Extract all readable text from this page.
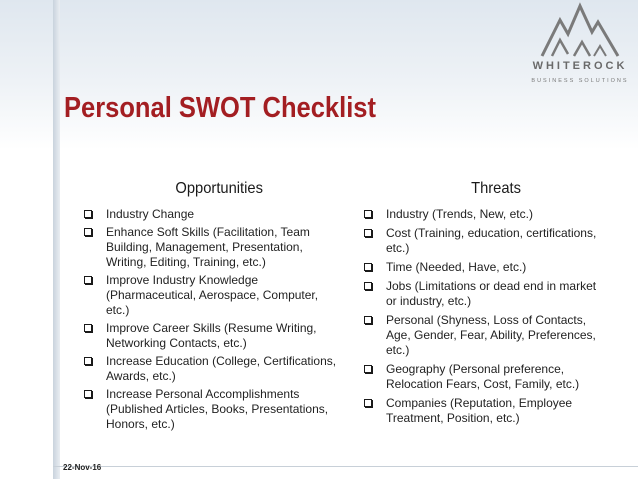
WHITEROCK
BUSINESS SOLUTIONS
Personal SWOT Checklist
Opportunities
Industry Change
Enhance Soft Skills (Facilitation, Team Building, Management, Presentation, Writing, Editing, Training, etc.)
Improve Industry Knowledge (Pharmaceutical, Aerospace, Computer, etc.)
Improve Career Skills (Resume Writing, Networking Contacts, etc.)
Increase Education (College, Certifications, Awards, etc.)
Increase Personal Accomplishments (Published Articles, Books, Presentations, Honors, etc.)
Threats
Industry (Trends, New, etc.)
Cost (Training, education, certifications, etc.)
Time (Needed, Have, etc.)
Jobs (Limitations or dead end in market or industry, etc.)
Personal (Shyness, Loss of Contacts, Age, Gender, Fear, Ability, Preferences, etc.)
Geography (Personal preference, Relocation Fears, Cost, Family, etc.)
Companies (Reputation, Employee Treatment, Position, etc.)
22-Nov-16
